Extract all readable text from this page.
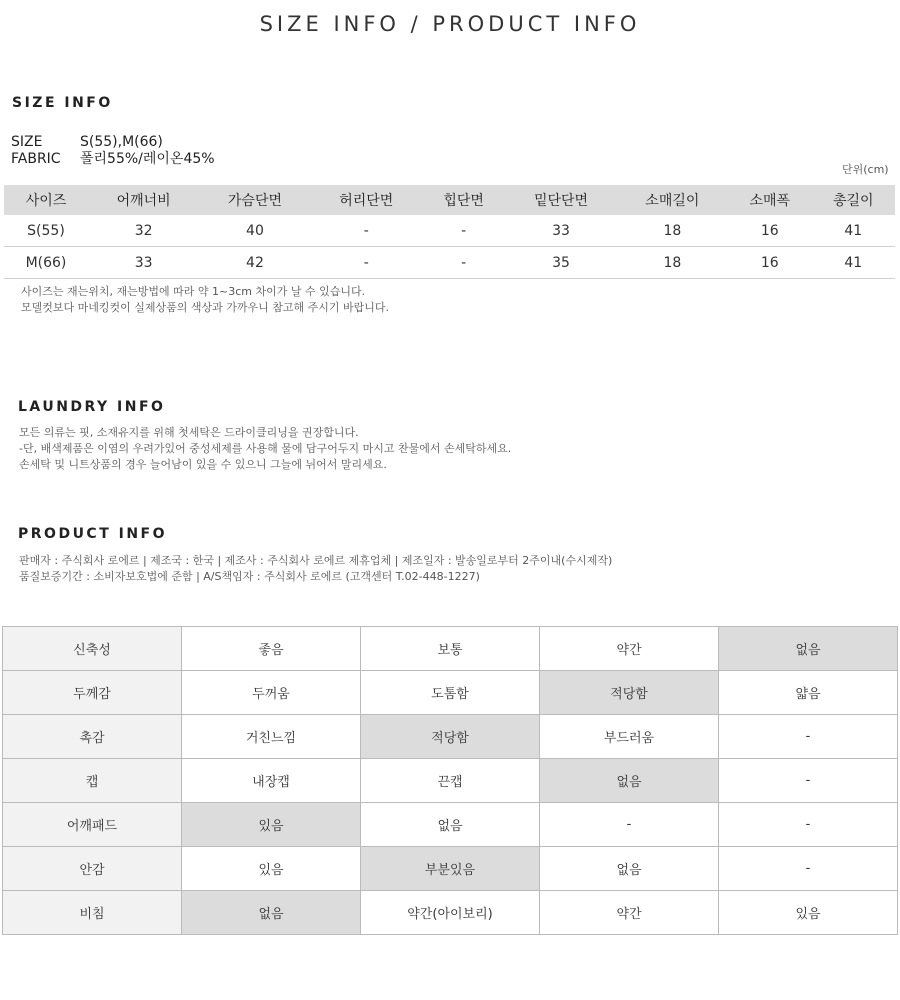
SIZE INFO / PRODUCT INFO
SIZE INFO
SIZE	S(55),M(66)
FABRIC 폴리55%/레이온45%
단위(cm)
사이즈	어깨너비	가슴단면	허리단면	힙단면	밑단단면	소매길이	소매폭	총길이
S(55)	32	40	-	-	33	18	16	41
M(66)	33	42	-	-	35	18	16	41
사이즈는 재는위치, 재는방법에 따라 약 1~3cm 차이가 날 수 있습니다.
모델컷보다 마네킹컷이 실제상품의 색상과 가까우니 참고해 주시기 바랍니다.
LAUNDRY INFO
모든 의류는 핏, 소재유지를 위해 첫세탁은 드라이클리닝을 권장합니다.
-단, 배색제품은 이염의 우려가있어 중성세제를 사용해 물에 담구어두지 마시고 찬물에서 손세탁하세요.
손세탁 및 니트상품의 경우 늘어남이 있을 수 있으니 그늘에 뉘어서 말리세요.
PRODUCT INFO
판매자 : 주식회사 로에르 | 제조국 : 한국 | 제조사 : 주식회사 로에르 제휴업체 | 제조일자 : 발송일로부터 2주이내(수시제작)
품질보증기간 : 소비자보호법에 준함 | A/S책임자 : 주식회사 로에르 (고객센터 T.02-448-1227)
신축성	좋음	보통	약간	없음
두께감	두꺼움	도톰함	적당함	얇음
촉감	거친느낌	적당함	부드러움	-
캡	내장캡	끈캡	없음	-
어깨패드	있음	없음	-	-
안감	있음	부분있음	없음	-
비침	없음	약간(아이보리)	약간	있음
